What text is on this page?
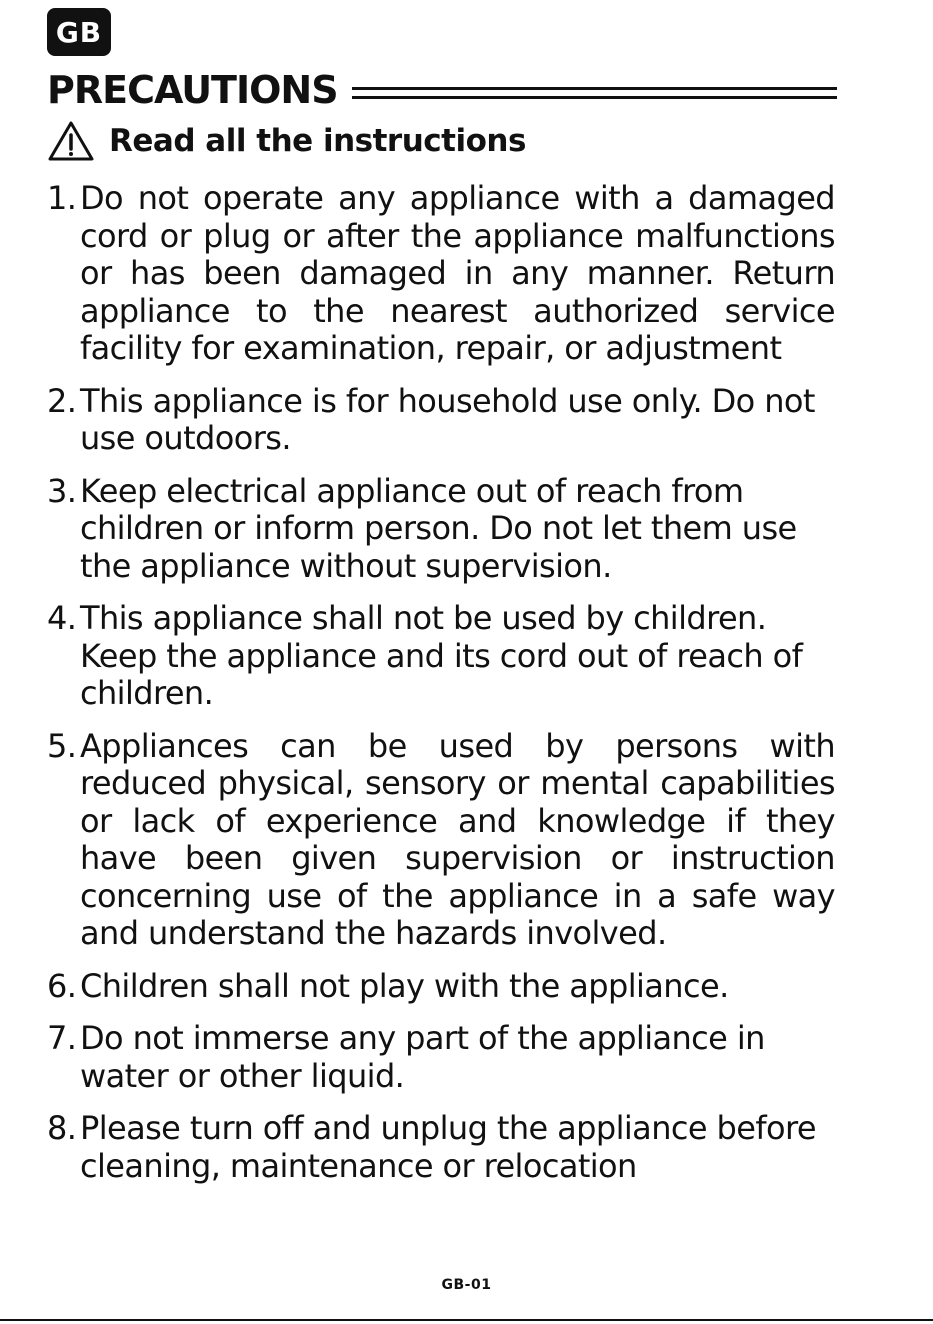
GB
PRECAUTIONS
Read all the instructions
1. Do not operate any appliance with a damaged cord or plug or after the appliance malfunctions or has been damaged in any manner. Return appliance to the nearest authorized service facility for examination, repair, or adjustment
2. This appliance is for household use only. Do not use outdoors.
3. Keep electrical appliance out of reach from children or inform person. Do not let them use the appliance without supervision.
4. This appliance shall not be used by children. Keep the appliance and its cord out of reach of children.
5. Appliances can be used by persons with reduced physical, sensory or mental capabilities or lack of experience and knowledge if they have been given supervision or instruction concerning use of the appliance in a safe way and understand the hazards involved.
6. Children shall not play with the appliance.
7. Do not immerse any part of the appliance in water or other liquid.
8. Please turn off and unplug the appliance before cleaning, maintenance or relocation
GB-01
